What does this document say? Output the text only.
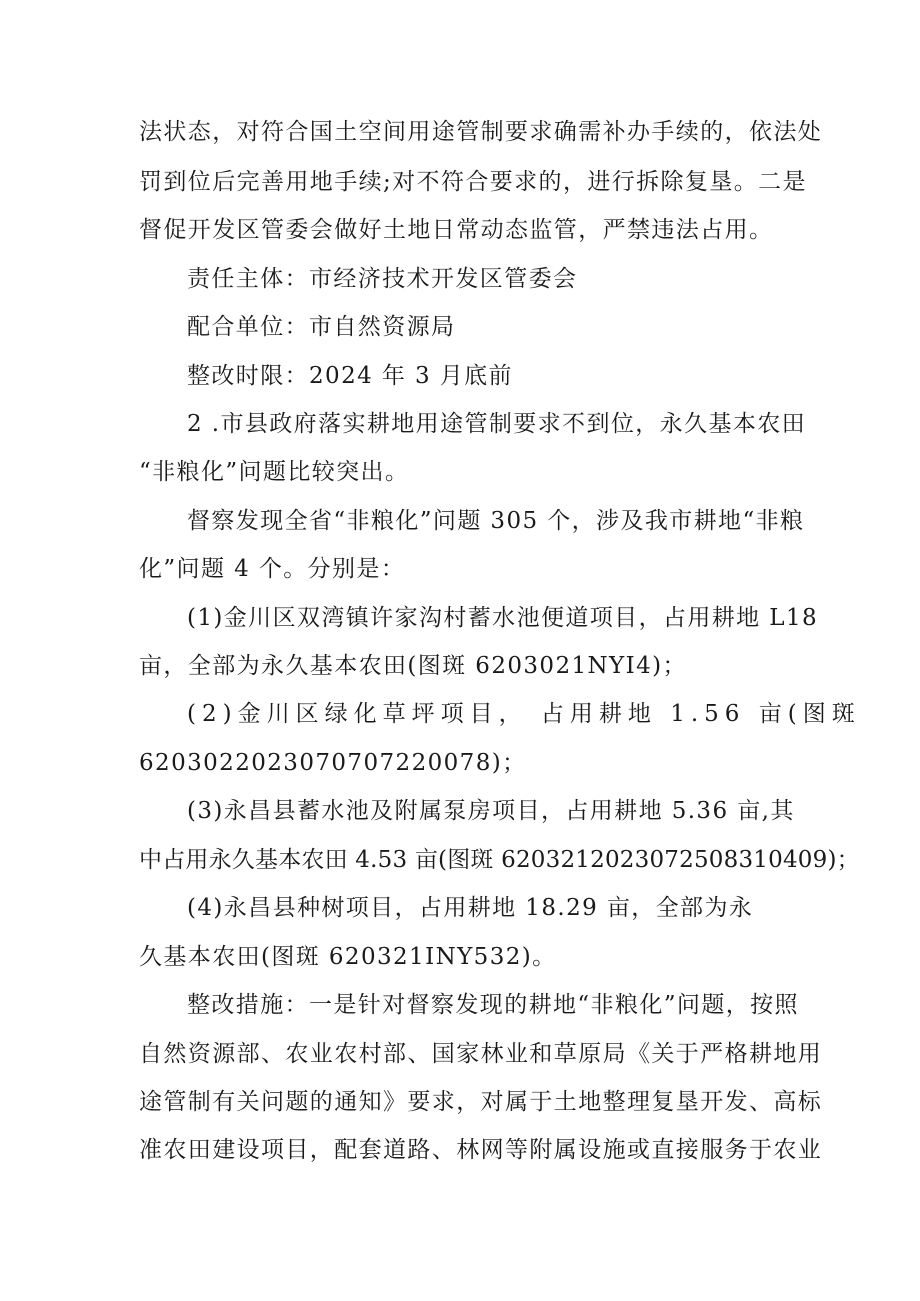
法状态，对符合国土空间用途管制要求确需补办手续的，依法处
罚到位后完善用地手续;对不符合要求的，进行拆除复垦。二是
督促开发区管委会做好土地日常动态监管，严禁违法占用。
责任主体：市经济技术开发区管委会
配合单位：市自然资源局
整改时限：2024 年 3 月底前
2 .市县政府落实耕地用途管制要求不到位，永久基本农田
“非粮化”问题比较突出。
督察发现全省“非粮化”问题 305 个，涉及我市耕地“非粮
化”问题 4 个。分别是：
(1)金川区双湾镇许家沟村蓄水池便道项目，占用耕地 L18
亩，全部为永久基本农田(图斑 6203021NYI4)；
(2)金川区绿化草坪项目， 占用耕地 1.56 亩(图斑
620302202307070722007​8)；
(3)永昌县蓄水池及附属泵房项目，占用耕地 5.36 亩,其
中占用永久基本农田 4.53 亩(图斑 620321202307250831040​9)；
(4)永昌县种树项目，占用耕地 18.29 亩，全部为永
久基本农田(图斑 620321INY532)。
整改措施：一是针对督察发现的耕地“非粮化”问题，按照
自然资源部、农业农村部、国家林业和草原局《关于严格耕地用
途管制有关问题的通知》要求，对属于土地整理复垦开发、高标
准农田建设项目，配套道路、林网等附属设施或直接服务于农业
